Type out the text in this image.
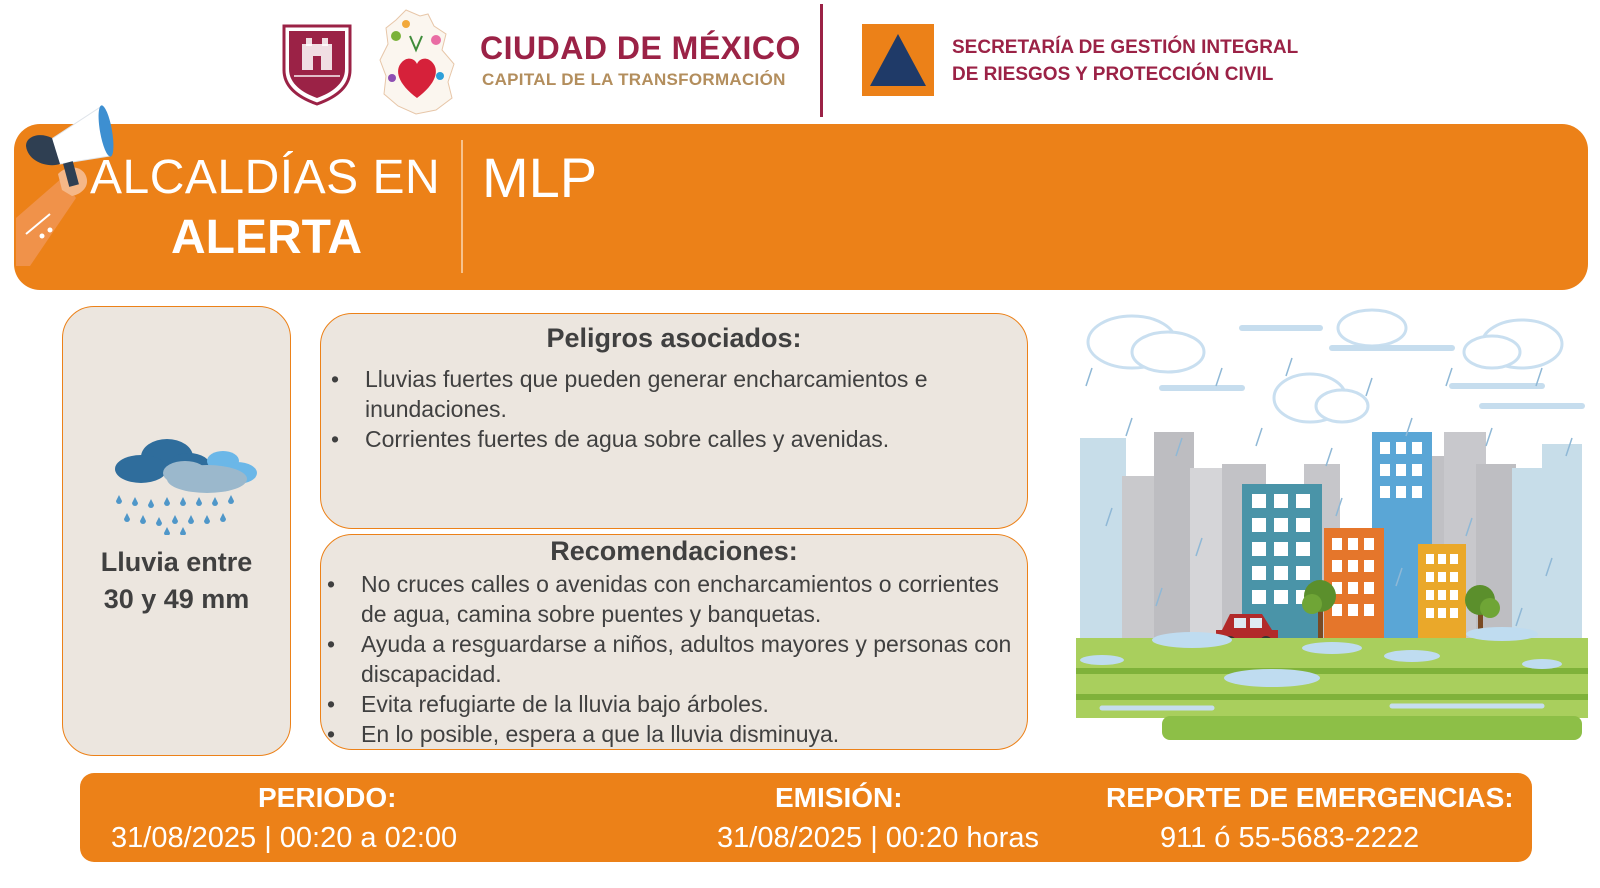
CIUDAD DE MÉXICO
CAPITAL DE LA TRANSFORMACIÓN
SECRETARÍA DE GESTIÓN INTEGRAL
DE RIESGOS Y PROTECCIÓN CIVIL
ALCALDÍAS EN
ALERTA
MLP
Lluvia entre
30 y 49 mm
Peligros asociados:
• Lluvias fuertes que pueden generar encharcamientos e inundaciones.
• Corrientes fuertes de agua sobre calles y avenidas.
Recomendaciones:
• No cruces calles o avenidas con encharcamientos o corrientes de agua, camina sobre puentes y banquetas.
• Ayuda a resguardarse a niños, adultos mayores y personas con discapacidad.
• Evita refugiarte de la lluvia bajo árboles.
• En lo posible, espera a que la lluvia disminuya.
PERIODO:
31/08/2025 | 00:20 a 02:00
EMISIÓN:
31/08/2025 | 00:20 horas
REPORTE DE EMERGENCIAS:
911 ó 55-5683-2222
